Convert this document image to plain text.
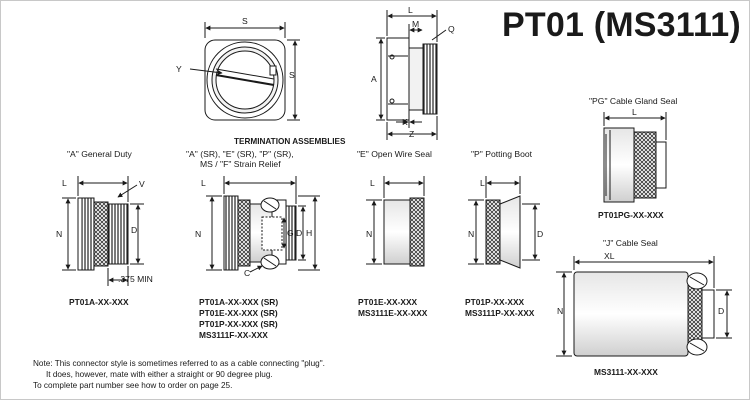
PT01 (MS3111)
TERMINATION ASSEMBLIES
"A" General Duty	"A" (SR), "E" (SR), "P" (SR),
MS / "F" Strain Relief
"E" Open Wire Seal	"P" Potting Boot
"PG" Cable Gland Seal
"J" Cable Seal
PT01A-XX-XXX	PT01A-XX-XXX (SR)
PT01E-XX-XXX (SR)
PT01P-XX-XXX (SR)
MS3111F-XX-XXX
PT01E-XX-XXX
MS3111E-XX-XXX
PT01P-XX-XXX
MS3111P-XX-XXX
PT01PG-XX-XXX
MS3111-XX-XXX
Note: This connector style is sometimes referred to as a cable connecting "plug".
It does, however, mate with either a straight or 90 degree plug.
To complete part number see how to order on page 25.
S
S
Y
L
M	Q
A
K
Z
L
L	V
N	D
.375 MIN
L
N	G D H
C
L
N
L
N	D
XL
N	D
